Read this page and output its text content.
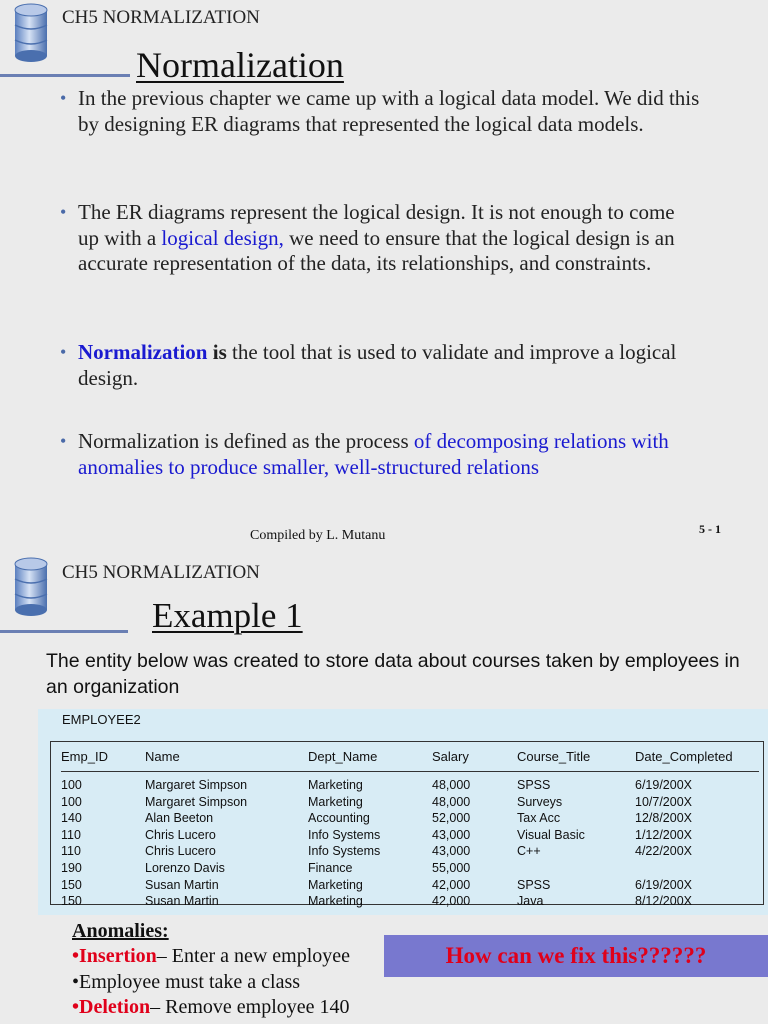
CH5 NORMALIZATION
Normalization
• In the previous chapter we came up with a logical data model. We did this by designing ER diagrams that represented the logical data models.
• The ER diagrams represent the logical design. It is not enough to come up with a logical design, we need to ensure that the logical design is an accurate representation of the data, its relationships, and constraints.
• Normalization is the tool that is used to validate and improve a logical design.
• Normalization is defined as the process of decomposing relations with anomalies to produce smaller, well-structured relations
Compiled by L. Mutanu	5 - 1
CH5 NORMALIZATION
Example 1
The entity below was created to store data about courses taken by employees in an organization
EMPLOYEE2
Emp_ID	Name	Dept_Name	Salary	Course_Title	Date_Completed
100	Margaret Simpson	Marketing	48,000	SPSS	6/19/200X
100	Margaret Simpson	Marketing	48,000	Surveys	10/7/200X
140	Alan Beeton	Accounting	52,000	Tax Acc	12/8/200X
110	Chris Lucero	Info Systems	43,000	Visual Basic	1/12/200X
110	Chris Lucero	Info Systems	43,000	C++	4/22/200X
190	Lorenzo Davis	Finance	55,000
150	Susan Martin	Marketing	42,000	SPSS	6/19/200X
150	Susan Martin	Marketing	42,000	Java	8/12/200X
Anomalies:
•Insertion– Enter a new employee
•Employee must take a class
•Deletion– Remove employee 140
How can we fix this??????
